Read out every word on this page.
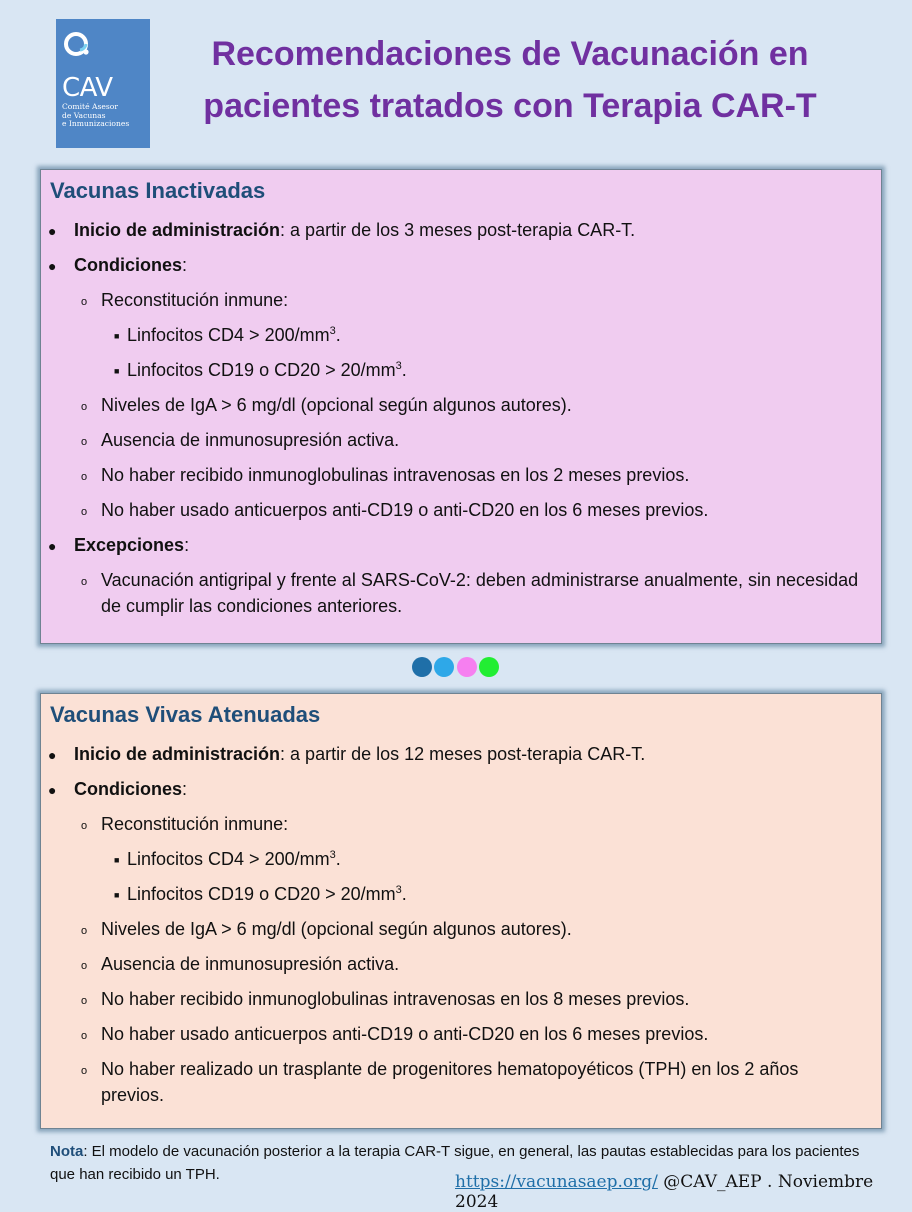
CAV
Comité Asesor
de Vacunas
e Inmunizaciones
Recomendaciones de Vacunación en
pacientes tratados con Terapia CAR-T
Vacunas Inactivadas
● Inicio de administración: a partir de los 3 meses post-terapia CAR-T.
● Condiciones:
o Reconstitución inmune:
■ Linfocitos $CD4 > 200/mm^3$.
■ Linfocitos CD19 o $CD20 > 20/mm^3$.
o Niveles de IgA > 6 mg/dl (opcional según algunos autores).
o Ausencia de inmunosupresión activa.
o No haber recibido inmunoglobulinas intravenosas en los 2 meses previos.
o No haber usado anticuerpos anti-CD19 o anti-CD20 en los 6 meses previos.
● Excepciones:
o Vacunación antigripal y frente al SARS-CoV-2: deben administrarse anualmente, sin necesidad de cumplir las condiciones anteriores.

Vacunas Vivas Atenuadas
● Inicio de administración: a partir de los 12 meses post-terapia CAR-T.
● Condiciones:
o Reconstitución inmune:
■ Linfocitos $CD4 > 200/mm^3$.
■ Linfocitos CD19 o $CD20 > 20/mm^3$.
o Niveles de IgA > 6 mg/dl (opcional según algunos autores).
o Ausencia de inmunosupresión activa.
o No haber recibido inmunoglobulinas intravenosas en los 8 meses previos.
o No haber usado anticuerpos anti-CD19 o anti-CD20 en los 6 meses previos.
o No haber realizado un trasplante de progenitores hematopoyéticos (TPH) en los 2 años previos.
Nota: El modelo de vacunación posterior a la terapia CAR-T sigue, en general, las pautas establecidas para los pacientes que han recibido un TPH.	https://vacunasaep.org/ @CAV_AEP . Noviembre 2024
